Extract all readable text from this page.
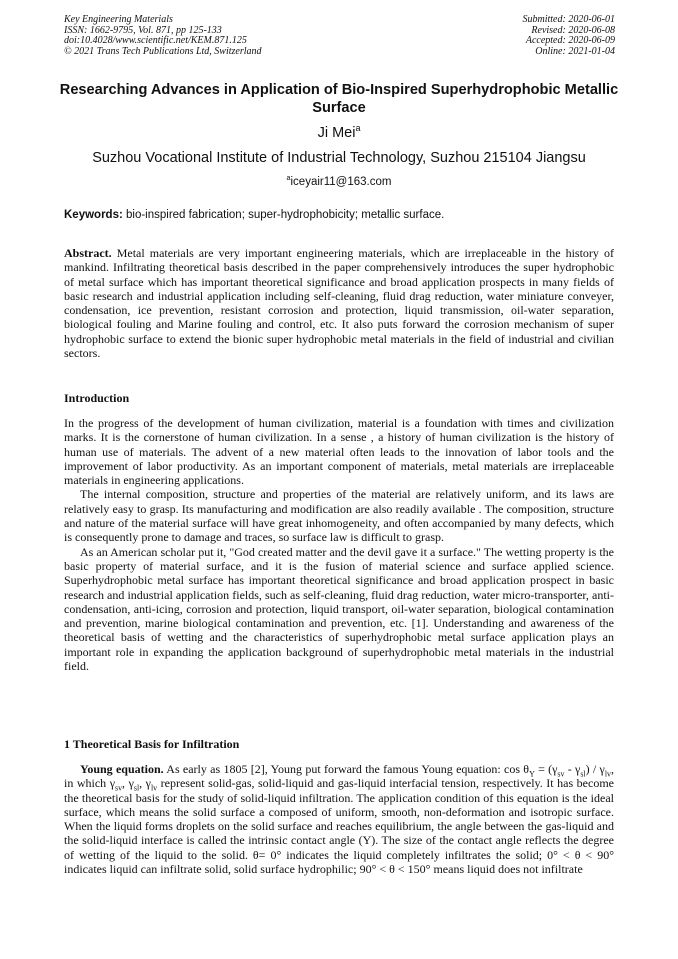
Key Engineering Materials
ISSN: 1662-9795, Vol. 871, pp 125-133
doi:10.4028/www.scientific.net/KEM.871.125
© 2021 Trans Tech Publications Ltd, Switzerland
Submitted: 2020-06-01
Revised: 2020-06-08
Accepted: 2020-06-09
Online: 2021-01-04
Researching Advances in Application of Bio-Inspired Superhydrophobic Metallic Surface
Ji Mei$^a$
Suzhou Vocational Institute of Industrial Technology, Suzhou 215104 Jiangsu
$^a$iceyair11@163.com
Keywords: bio-inspired fabrication; super-hydrophobicity; metallic surface.

Abstract. Metal materials are very important engineering materials, which are irreplaceable in the history of mankind. Infiltrating theoretical basis described in the paper comprehensively introduces the super hydrophobic of metal surface which has important theoretical significance and broad application prospects in many fields of basic research and industrial application including self-cleaning, fluid drag reduction, water miniature conveyer, condensation, ice prevention, resistant corrosion and protection, liquid transmission, oil-water separation, biological fouling and Marine fouling and control, etc. It also puts forward the corrosion mechanism of super hydrophobic surface to extend the bionic super hydrophobic metal materials in the field of industrial and civilian sectors.

Introduction

In the progress of the development of human civilization, material is a foundation with times and civilization marks. It is the cornerstone of human civilization. In a sense , a history of human civilization is the history of human use of materials. The advent of a new material often leads to the innovation of labor tools and the improvement of labor productivity. As an important component of materials, metal materials are irreplaceable materials in engineering applications.

The internal composition, structure and properties of the material are relatively uniform, and its laws are relatively easy to grasp. Its manufacturing and modification are also readily available . The composition, structure and nature of the material surface will have great inhomogeneity, and often accompanied by many defects, which is consequently prone to damage and traces, so surface law is difficult to grasp.

As an American scholar put it, "God created matter and the devil gave it a surface." The wetting property is the basic property of material surface, and it is the fusion of material science and surface applied science. Superhydrophobic metal surface has important theoretical significance and broad application prospect in basic research and industrial application fields, such as self-cleaning, fluid drag reduction, water micro-transporter, anti-condensation, anti-icing, corrosion and protection, liquid transport, oil-water separation, biological contamination and prevention, marine biological contamination and prevention, etc. [1]. Understanding and awareness of the theoretical basis of wetting and the characteristics of superhydrophobic metal surface application plays an important role in expanding the application background of superhydrophobic metal materials in the industrial field.

1 Theoretical Basis for Infiltration

Young equation. As early as 1805 [2], Young put forward the famous Young equation: $\cos \theta_Y = (\gamma_{sv} - \gamma_{sl}) / \gamma_{lv}$, in which $\gamma_{sv}$, $\gamma_{sl}$, $\gamma_{lv}$ represent solid-gas, solid-liquid and gas-liquid interfacial tension, respectively. It has become the theoretical basis for the study of solid-liquid infiltration. The application condition of this equation is the ideal surface, which means the solid surface a composed of uniform, smooth, non-deformation and isotropic surface. When the liquid forms droplets on the solid surface and reaches equilibrium, the angle between the gas-liquid and the solid-liquid interface is called the intrinsic contact angle (Y). The size of the contact angle reflects the degree of wetting of the liquid to the solid. θ= 0° indicates the liquid completely infiltrates the solid; 0° < θ < 90° indicates liquid can infiltrate solid, solid surface hydrophilic; 90° < θ < 150° means liquid does not infiltrate
